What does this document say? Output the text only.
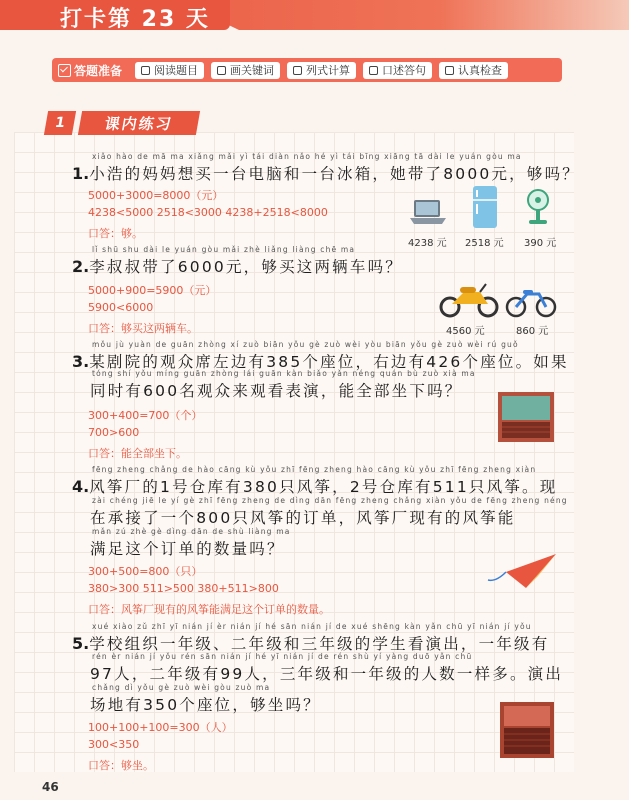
打卡第 23 天
答题准备	阅读题目	画关键词	列式计算	口述答句	认真检查
1	课内练习
xiǎo hào de mā ma xiǎng mǎi yì tái diàn nǎo hé yì tái bīng xiāng tā dài le yuán gòu ma
1.小浩的妈妈想买一台电脑和一台冰箱，她带了8000元，够吗？
5000+3000=8000（元）
4238<5000 2518<3000 4238+2518<8000
口答：够。
4238 元 2518 元 390 元
lǐ shū shu dài le yuán gòu mǎi zhè liǎng liàng chē ma
2.李叔叔带了6000元，够买这两辆车吗？
5000+900=5900（元）
5900<6000
口答：够买这两辆车。	4560 元	860 元
mǒu jù yuàn de guān zhòng xí zuò biān yǒu gè zuò wèi yòu biān yǒu gè zuò wèi rú guǒ
3.某剧院的观众席左边有385个座位，右边有426个座位。如果
tóng shí yǒu míng guān zhòng lái guān kàn biǎo yǎn néng quán bù zuò xià ma
同时有600名观众来观看表演，能全部坐下吗？
300+400=700（个）
700>600
口答：能全部坐下。
fēng zheng chǎng de hào cāng kù yǒu zhī fēng zheng hào cāng kù yǒu zhī fēng zheng xiàn
4.风筝厂的1号仓库有380只风筝，2号仓库有511只风筝。现
zài chéng jiē le yí gè zhī fēng zheng de dìng dān fēng zheng chǎng xiàn yǒu de fēng zheng néng
在承接了一个800只风筝的订单，风筝厂现有的风筝能
mǎn zú zhè gè dìng dān de shù liàng ma
满足这个订单的数量吗？
300+500=800（只）
380>300 511>500 380+511>800
口答：风筝厂现有的风筝能满足这个订单的数量。
xué xiào zǔ zhī yī nián jí èr nián jí hé sān nián jí de xué shēng kàn yǎn chū yī nián jí yǒu
5.学校组织一年级、二年级和三年级的学生看演出，一年级有
rén èr nián jí yǒu rén sān nián jí hé yī nián jí de rén shù yí yàng duō yǎn chū
97人，二年级有99人，三年级和一年级的人数一样多。演出
chǎng dì yǒu gè zuò wèi gòu zuò ma
场地有350个座位，够坐吗？
100+100+100=300（人）
300<350
口答：够坐。
46
